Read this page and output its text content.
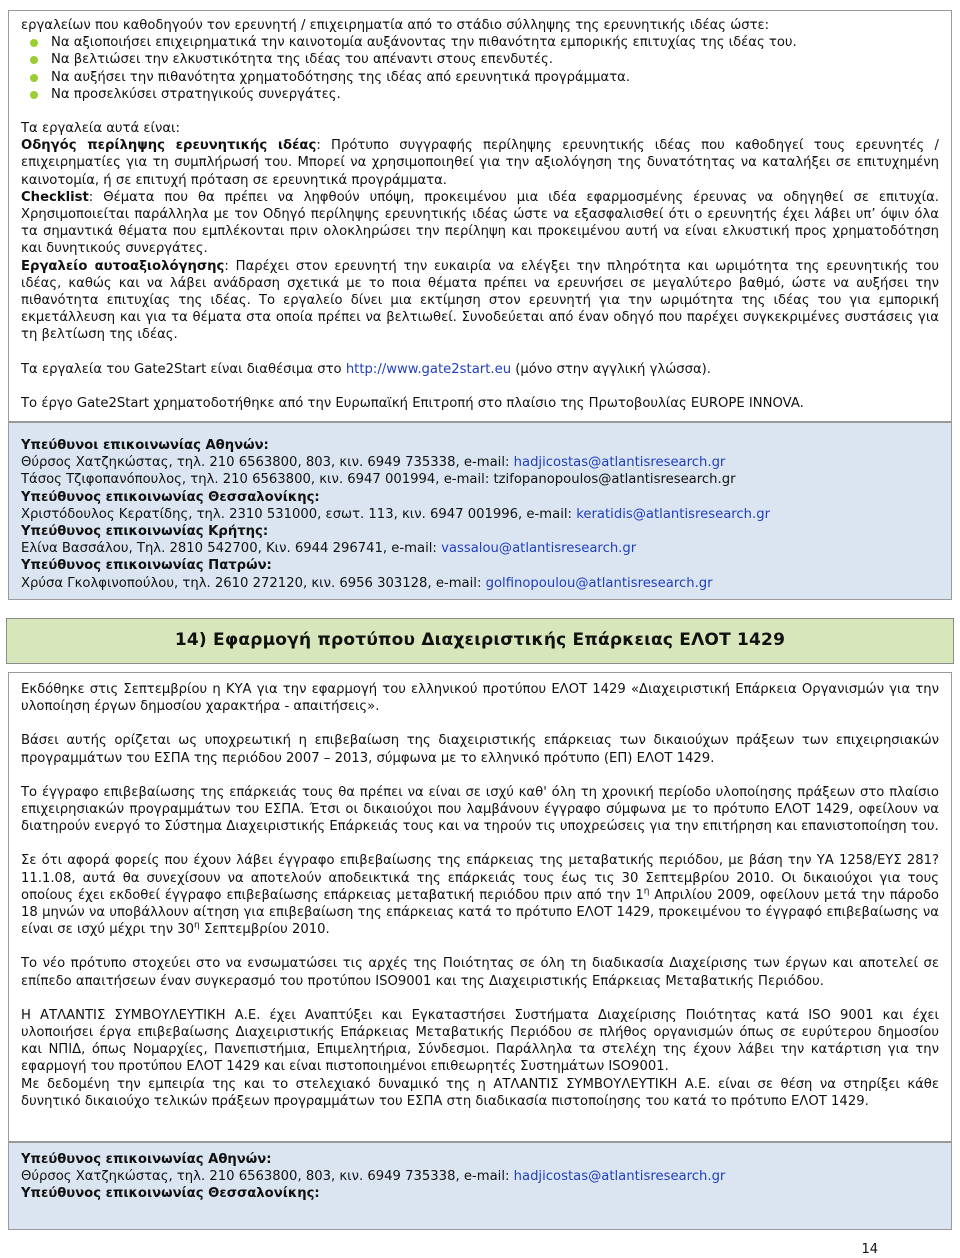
εργαλείων που καθοδηγούν τον ερευνητή / επιχειρηματία από το στάδιο σύλληψης της ερευνητικής ιδέας ώστε:

Να αξιοποιήσει επιχειρηματικά την καινοτομία αυξάνοντας την πιθανότητα εμπορικής επιτυχίας της ιδέας του.
Να βελτιώσει την ελκυστικότητα της ιδέας του απέναντι στους επενδυτές.
Να αυξήσει την πιθανότητα χρηματοδότησης της ιδέας από ερευνητικά προγράμματα.
Να προσελκύσει στρατηγικούς συνεργάτες.

Τα εργαλεία αυτά είναι:

Οδηγός περίληψης ερευνητικής ιδέας: Πρότυπο συγγραφής περίληψης ερευνητικής ιδέας που καθοδηγεί τους ερευνητές / επιχειρηματίες για τη συμπλήρωσή του. Μπορεί να χρησιμοποιηθεί για την αξιολόγηση της δυνατότητας να καταλήξει σε επιτυχημένη καινοτομία, ή σε επιτυχή πρόταση σε ερευνητικά προγράμματα.

Checklist: Θέματα που θα πρέπει να ληφθούν υπόψη, προκειμένου μια ιδέα εφαρμοσμένης έρευνας να οδηγηθεί σε επιτυχία. Χρησιμοποιείται παράλληλα με τον Οδηγό περίληψης ερευνητικής ιδέας ώστε να εξασφαλισθεί ότι ο ερευνητής έχει λάβει υπ’ όψιν όλα τα σημαντικά θέματα που εμπλέκονται πριν ολοκληρώσει την περίληψη και προκειμένου αυτή να είναι ελκυστική προς χρηματοδότηση και δυνητικούς συνεργάτες.

Εργαλείο αυτοαξιολόγησης: Παρέχει στον ερευνητή την ευκαιρία να ελέγξει την πληρότητα και ωριμότητα της ερευνητικής του ιδέας, καθώς και να λάβει ανάδραση σχετικά με το ποια θέματα πρέπει να ερευνήσει σε μεγαλύτερο βαθμό, ώστε να αυξήσει την πιθανότητα επιτυχίας της ιδέας. Το εργαλείο δίνει μια εκτίμηση στον ερευνητή για την ωριμότητα της ιδέας του για εμπορική εκμετάλλευση και για τα θέματα στα οποία πρέπει να βελτιωθεί. Συνοδεύεται από έναν οδηγό που παρέχει συγκεκριμένες συστάσεις για τη βελτίωση της ιδέας.

Τα εργαλεία του Gate2Start είναι διαθέσιμα στο http://www.gate2start.eu (μόνο στην αγγλική γλώσσα).

Το έργο Gate2Start χρηματοδοτήθηκε από την Ευρωπαϊκή Επιτροπή στο πλαίσιο της Πρωτοβουλίας EUROPE INNOVA.

Υπεύθυνοι επικοινωνίας Αθηνών:
Θύρσος Χατζηκώστας, τηλ. 210 6563800, 803, κιν. 6949 735338, e-mail: hadjicostas@atlantisresearch.gr
Τάσος Τζιφοπανόπουλος, τηλ. 210 6563800, κιν. 6947 001994, e-mail: tzifopanopoulos@atlantisresearch.gr
Υπεύθυνος επικοινωνίας Θεσσαλονίκης:
Χριστόδουλος Κερατίδης, τηλ. 2310 531000, εσωτ. 113, κιν. 6947 001996, e-mail: keratidis@atlantisresearch.gr
Υπεύθυνος επικοινωνίας Κρήτης:
Ελίνα Βασσάλου, Τηλ. 2810 542700, Κιν. 6944 296741, e-mail: vassalou@atlantisresearch.gr
Υπεύθυνος επικοινωνίας Πατρών:
Χρύσα Γκολφινοπούλου, τηλ. 2610 272120, κιν. 6956 303128, e-mail: golfinopoulou@atlantisresearch.gr
14) Εφαρμογή προτύπου Διαχειριστικής Επάρκειας ΕΛΟΤ 1429

Εκδόθηκε στις Σεπτεμβρίου η ΚΥΑ για την εφαρμογή του ελληνικού προτύπου ΕΛΟΤ 1429 «Διαχειριστική Επάρκεια Οργανισμών για την υλοποίηση έργων δημοσίου χαρακτήρα - απαιτήσεις».

Βάσει αυτής ορίζεται ως υποχρεωτική η επιβεβαίωση της διαχειριστικής επάρκειας των δικαιούχων πράξεων των επιχειρησιακών προγραμμάτων του ΕΣΠΑ της περιόδου 2007 – 2013, σύμφωνα με το ελληνικό πρότυπο (ΕΠ) ΕΛΟΤ 1429.

Το έγγραφο επιβεβαίωσης της επάρκειάς τους θα πρέπει να είναι σε ισχύ καθ' όλη τη χρονική περίοδο υλοποίησης πράξεων στο πλαίσιο επιχειρησιακών προγραμμάτων του ΕΣΠΑ. Έτσι οι δικαιούχοι που λαμβάνουν έγγραφο σύμφωνα με το πρότυπο ΕΛΟΤ 1429, οφείλουν να διατηρούν ενεργό το Σύστημα Διαχειριστικής Επάρκειάς τους και να τηρούν τις υποχρεώσεις για την επιτήρηση και επανιστοποίηση του.

Σε ότι αφορά φορείς που έχουν λάβει έγγραφο επιβεβαίωσης της επάρκειας της μεταβατικής περιόδου, με βάση την ΥΑ 1258/ΕΥΣ 281?11.1.08, αυτά θα συνεχίσουν να αποτελούν αποδεικτικά της επάρκειάς τους έως τις 30 Σεπτεμβρίου 2010. Οι δικαιούχοι για τους οποίους έχει εκδοθεί έγγραφο επιβεβαίωσης επάρκειας μεταβατική περιόδου πριν από την $1^\eta$ Απριλίου 2009, οφείλουν μετά την πάροδο 18 μηνών να υποβάλλουν αίτηση για επιβεβαίωση της επάρκειας κατά το πρότυπο ΕΛΟΤ 1429, προκειμένου το έγγραφό επιβεβαίωσης να είναι σε ισχύ μέχρι την $30^\eta$ Σεπτεμβρίου 2010.

Το νέο πρότυπο στοχεύει στο να ενσωματώσει τις αρχές της Ποιότητας σε όλη τη διαδικασία Διαχείρισης των έργων και αποτελεί σε επίπεδο απαιτήσεων έναν συγκερασμό του προτύπου ISO9001 και της Διαχειριστικής Επάρκειας Μεταβατικής Περιόδου.

Η ΑΤΛΑΝΤΙΣ ΣΥΜΒΟΥΛΕΥΤΙΚΗ Α.Ε. έχει Αναπτύξει και Εγκαταστήσει Συστήματα Διαχείρισης Ποιότητας κατά ISO 9001 και έχει υλοποιήσει έργα επιβεβαίωσης Διαχειριστικής Επάρκειας Μεταβατικής Περιόδου σε πλήθος οργανισμών όπως σε ευρύτερου δημοσίου και ΝΠΙΔ, όπως Νομαρχίες, Πανεπιστήμια, Επιμελητήρια, Σύνδεσμοι. Παράλληλα τα στελέχη της έχουν λάβει την κατάρτιση για την εφαρμογή του προτύπου ΕΛΟΤ 1429 και είναι πιστοποιημένοι επιθεωρητές Συστημάτων ISO9001.

Με δεδομένη την εμπειρία της και το στελεχιακό δυναμικό της η ΑΤΛΑΝΤΙΣ ΣΥΜΒΟΥΛΕΥΤΙΚΗ Α.Ε. είναι σε θέση να στηρίξει κάθε δυνητικό δικαιούχο τελικών πράξεων προγραμμάτων του ΕΣΠΑ στη διαδικασία πιστοποίησης του κατά το πρότυπο ΕΛΟΤ 1429.

Υπεύθυνος επικοινωνίας Αθηνών:
Θύρσος Χατζηκώστας, τηλ. 210 6563800, 803, κιν. 6949 735338, e-mail: hadjicostas@atlantisresearch.gr
Υπεύθυνος επικοινωνίας Θεσσαλονίκης:
14
